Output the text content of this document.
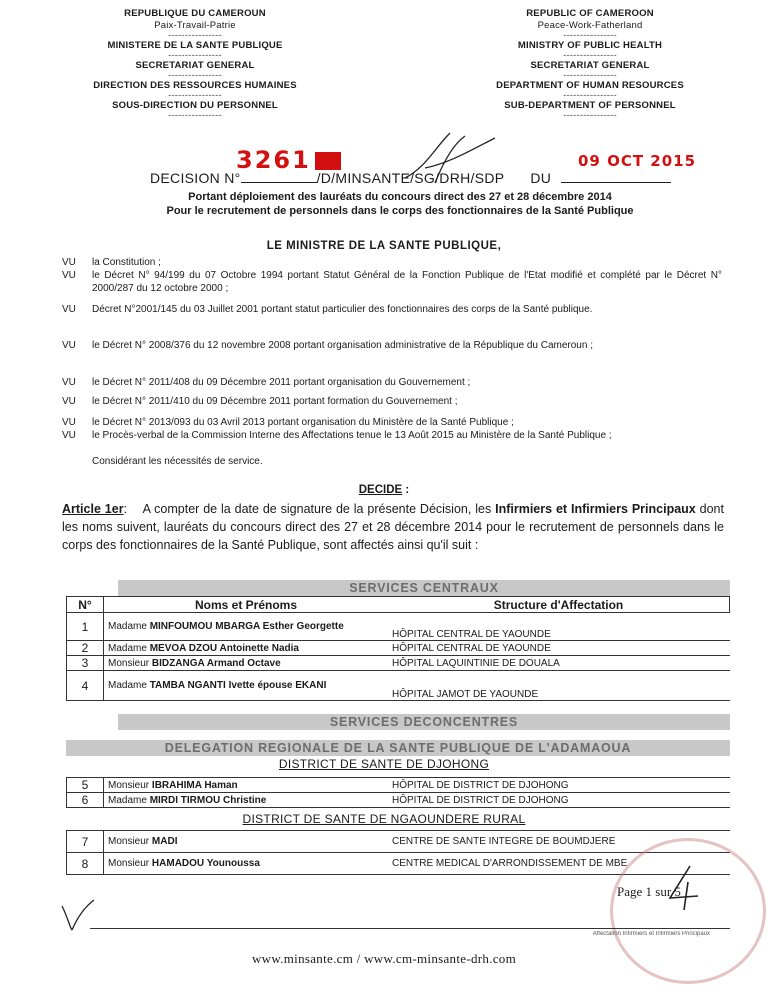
REPUBLIQUE DU CAMEROUN
Paix-Travail-Patrie
----------------
MINISTERE DE LA SANTE PUBLIQUE
----------------
SECRETARIAT GENERAL
----------------
DIRECTION DES RESSOURCES HUMAINES
----------------
SOUS-DIRECTION DU PERSONNEL
----------------
REPUBLIC OF CAMEROON
Peace-Work-Fatherland
----------------
MINISTRY OF PUBLIC HEALTH
----------------
SECRETARIAT GENERAL
----------------
DEPARTMENT OF HUMAN RESOURCES
----------------
SUB-DEPARTMENT OF PERSONNEL
----------------
3261	09 OCT 2015
DECISION N°	/D/MINSANTE/SG/DRH/SDP DU
Portant déploiement des lauréats du concours direct des 27 et 28 décembre 2014
Pour le recrutement de personnels dans le corps des fonctionnaires de la Santé Publique
LE MINISTRE DE LA SANTE PUBLIQUE,
VU	la Constitution ;
VU	le Décret N° 94/199 du 07 Octobre 1994 portant Statut Général de la Fonction Publique de l'Etat modifié et complété par le Décret N° 2000/287 du 12 octobre 2000 ;
VU	Décret N°2001/145 du 03 Juillet 2001 portant statut particulier des fonctionnaires des corps de la Santé publique.
VU	le Décret N° 2008/376 du 12 novembre 2008 portant organisation administrative de la République du Cameroun ;
VU	le Décret N° 2011/408 du 09 Décembre 2011 portant organisation du Gouvernement ;
VU	le Décret N° 2011/410 du 09 Décembre 2011 portant formation du Gouvernement ;
VU	le Décret N° 2013/093 du 03 Avril 2013 portant organisation du Ministère de la Santé Publique ;
VU	le Procès-verbal de la Commission Interne des Affectations tenue le 13 Août 2015 au Ministère de la Santé Publique ;
Considérant les nécessités de service.
DECIDE :
Article 1er:    A compter de la date de signature de la présente Décision, les Infirmiers et Infirmiers Principaux dont les noms suivent, lauréats du concours direct des 27 et 28 décembre 2014 pour le recrutement de personnels dans le corps des fonctionnaires de la Santé Publique, sont affectés ainsi qu'il suit :
SERVICES CENTRAUX
N°	Noms et Prénoms	Structure d'Affectation
1	Madame MINFOUMOU MBARGA Esther Georgette	HÔPITAL CENTRAL DE YAOUNDE
2	Madame MEVOA DZOU Antoinette Nadia	HÔPITAL CENTRAL DE YAOUNDE
3	Monsieur BIDZANGA Armand Octave	HÔPITAL LAQUINTINIE DE DOUALA
4	Madame TAMBA NGANTI Ivette épouse EKANI	HÔPITAL JAMOT DE YAOUNDE
SERVICES DECONCENTRES
DELEGATION REGIONALE DE LA SANTE PUBLIQUE DE L'ADAMAOUA
DISTRICT DE SANTE DE DJOHONG
5	Monsieur IBRAHIMA Haman	HÔPITAL DE DISTRICT DE DJOHONG
6	Madame MIRDI TIRMOU Christine	HÔPITAL DE DISTRICT DE DJOHONG
DISTRICT DE SANTE DE NGAOUNDERE RURAL
7	Monsieur MADI	CENTRE DE SANTE INTEGRE DE BOUMDJERE
8	Monsieur HAMADOU Younoussa	CENTRE MEDICAL D'ARRONDISSEMENT DE MBE
Page 1 sur 5
Affectation Infirmiers et Infirmiers Principaux
www.minsante.cm / www.cm-minsante-drh.com
